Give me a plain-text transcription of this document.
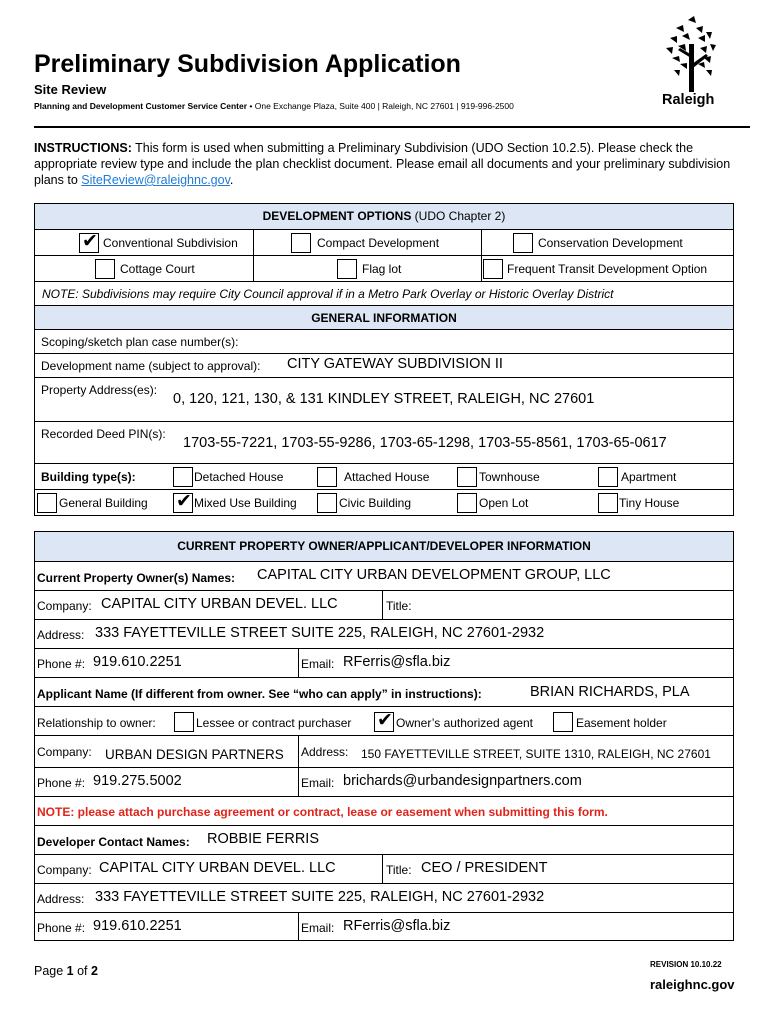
Preliminary Subdivision Application
Site Review
Planning and Development Customer Service Center • One Exchange Plaza, Suite 400 | Raleigh, NC 27601 | 919-996-2500	Raleigh
INSTRUCTIONS: This form is used when submitting a Preliminary Subdivision (UDO Section 10.2.5). Please check the appropriate review type and include the plan checklist document. Please email all documents and your preliminary subdivision plans to SiteReview@raleighnc.gov.
DEVELOPMENT OPTIONS (UDO Chapter 2)
✔ Conventional Subdivision	Compact Development	Conservation Development
Cottage Court	Flag lot	Frequent Transit Development Option
NOTE: Subdivisions may require City Council approval if in a Metro Park Overlay or Historic Overlay District
GENERAL INFORMATION
Scoping/sketch plan case number(s):
Development name (subject to approval): CITY GATEWAY SUBDIVISION II
Property Address(es):
0, 120, 121, 130, & 131 KINDLEY STREET, RALEIGH, NC 27601
Recorded Deed PIN(s):
1703-55-7221, 1703-55-9286, 1703-65-1298, 1703-55-8561, 1703-65-0617
Building type(s):	Detached House	Attached House	Townhouse	Apartment
General Building ✔ Mixed Use Building	Civic Building	Open Lot	Tiny House
CURRENT PROPERTY OWNER/APPLICANT/DEVELOPER INFORMATION
Current Property Owner(s) Names: CAPITAL CITY URBAN DEVELOPMENT GROUP, LLC
Company: CAPITAL CITY URBAN DEVEL. LLC	Title:
Address: 333 FAYETTEVILLE STREET SUITE 225, RALEIGH, NC 27601-2932
Phone #: 919.610.2251	Email: RFerris@sfla.biz
Applicant Name (If different from owner. See “who can apply” in instructions):	BRIAN RICHARDS, PLA
Relationship to owner:	Lessee or contract purchaser ✔ Owner’s authorized agent	Easement holder
Company: URBAN DESIGN PARTNERS Address: 150 FAYETTEVILLE STREET, SUITE 1310, RALEIGH, NC 27601
Phone #: 919.275.5002	Email: brichards@urbandesignpartners.com
NOTE: please attach purchase agreement or contract, lease or easement when submitting this form.
Developer Contact Names: ROBBIE FERRIS
Company: CAPITAL CITY URBAN DEVEL. LLC	Title: CEO / PRESIDENT
Address: 333 FAYETTEVILLE STREET SUITE 225, RALEIGH, NC 27601-2932
Phone #: 919.610.2251	Email: RFerris@sfla.biz
Page 1 of 2	REVISION 10.10.22
raleighnc.gov
